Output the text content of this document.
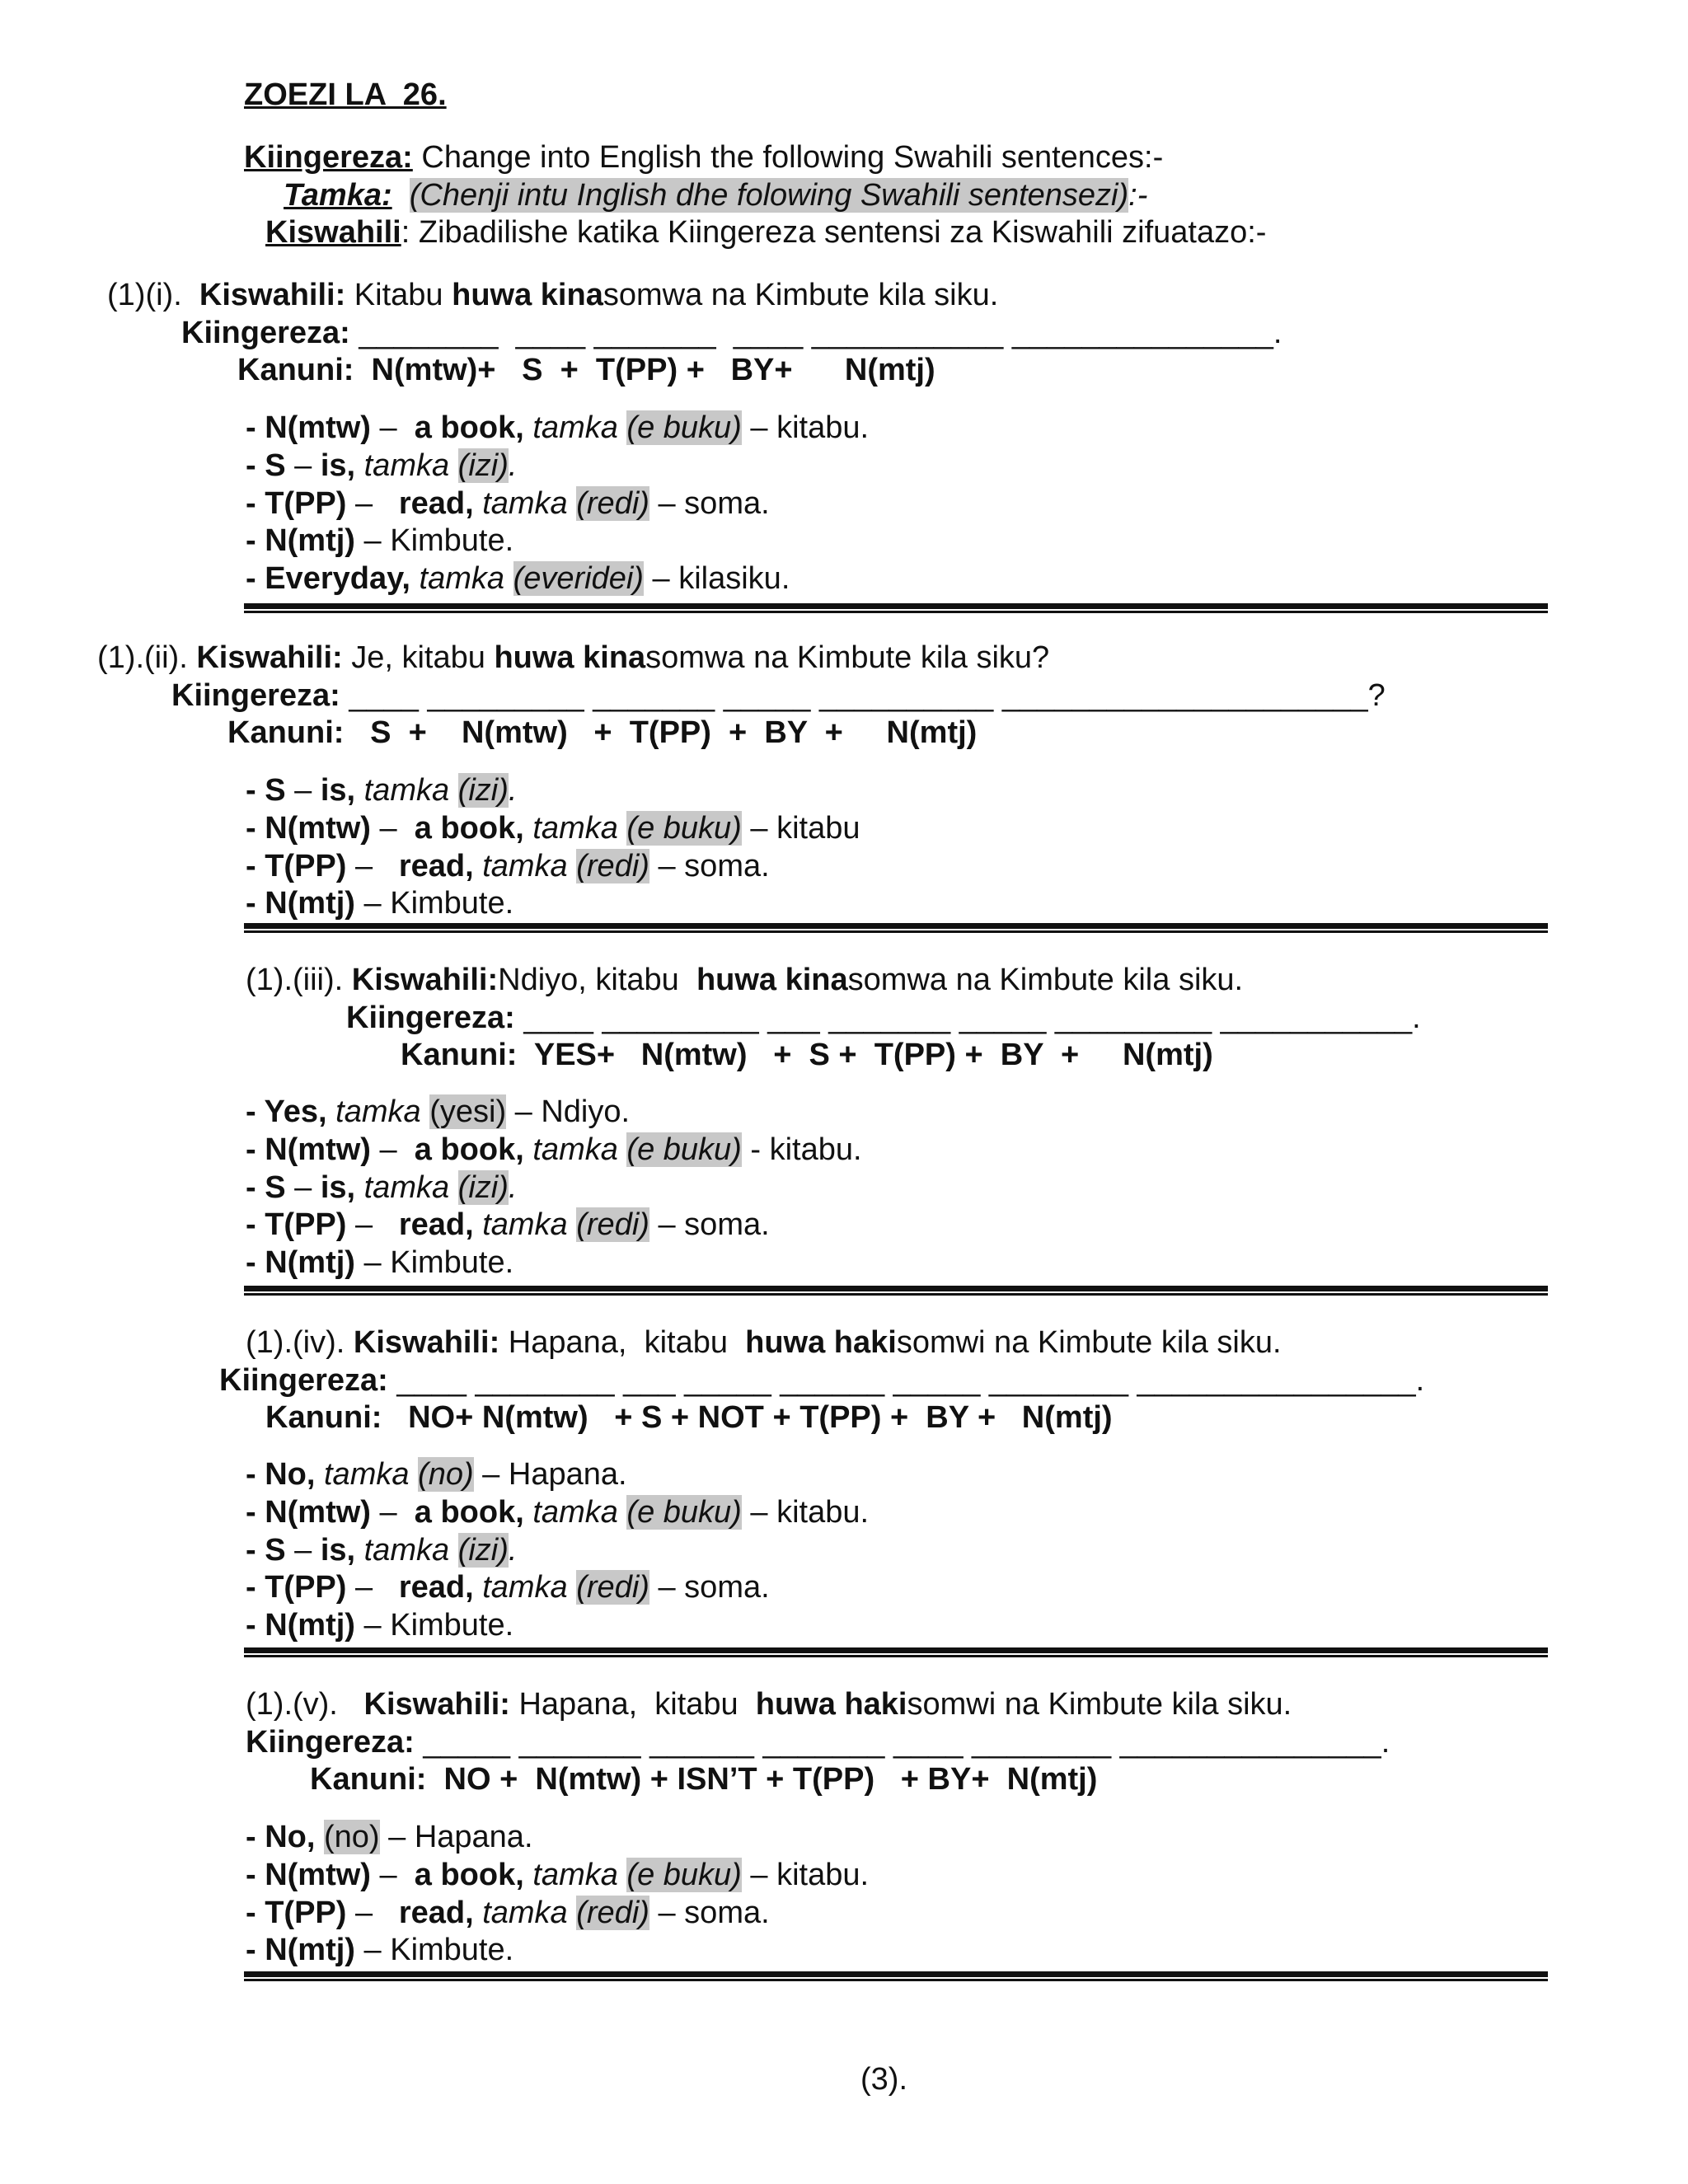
ZOEZI LA  26.
Kiingereza: Change into English the following Swahili sentences:-
Tamka: (Chenji intu Inglish dhe folowing Swahili sentensezi):-
Kiswahili: Zibadilishe katika Kiingereza sentensi za Kiswahili zifuatazo:-
(1)(i).  Kiswahili: Kitabu huwa kinasomwa na Kimbute kila siku.
Kiingereza: ________  ____ _______  ____ ___________ _______________.
Kanuni:  N(mtw)+   S  +  T(PP) +   BY+      N(mtj)
- N(mtw) –  a book, tamka (e buku) – kitabu.
- S – is, tamka (izi).
- T(PP) –   read, tamka (redi) – soma.
- N(mtj) – Kimbute.
- Everyday, tamka (everidei) – kilasiku.
(1).(ii). Kiswahili: Je, kitabu huwa kinasomwa na Kimbute kila siku?
Kiingereza: ____ _________ _______ _____ __________ _____________________?
Kanuni:   S  +    N(mtw)   +  T(PP)  +  BY  +     N(mtj)
- S – is, tamka (izi).
- N(mtw) –  a book, tamka (e buku) – kitabu
- T(PP) –   read, tamka (redi) – soma.
- N(mtj) – Kimbute.
(1).(iii). Kiswahili:Ndiyo, kitabu  huwa kinasomwa na Kimbute kila siku.
Kiingereza: ____ _________ ___ _______ _____ _________ ___________.
Kanuni:  YES+   N(mtw)   +  S +  T(PP) +  BY  +     N(mtj)
- Yes, tamka (yesi) – Ndiyo.
- N(mtw) –  a book, tamka (e buku) - kitabu.
- S – is, tamka (izi).
- T(PP) –   read, tamka (redi) – soma.
- N(mtj) – Kimbute.
(1).(iv). Kiswahili: Hapana,  kitabu  huwa hakisomwi na Kimbute kila siku.
Kiingereza: ____ ________ ___ _____ ______ _____ ________ ________________.
Kanuni:   NO+ N(mtw)   + S + NOT + T(PP) +  BY +   N(mtj)
- No, tamka (no) – Hapana.
- N(mtw) –  a book, tamka (e buku) – kitabu.
- S – is, tamka (izi).
- T(PP) –   read, tamka (redi) – soma.
- N(mtj) – Kimbute.
(1).(v).   Kiswahili: Hapana,  kitabu  huwa hakisomwi na Kimbute kila siku.
Kiingereza: _____ _______ ______ _______ ____ ________ _______________.
Kanuni:  NO +  N(mtw) + ISN’T + T(PP)   + BY+  N(mtj)
- No, (no) – Hapana.
- N(mtw) –  a book, tamka (e buku) – kitabu.
- T(PP) –   read, tamka (redi) – soma.
- N(mtj) – Kimbute.
(3).
